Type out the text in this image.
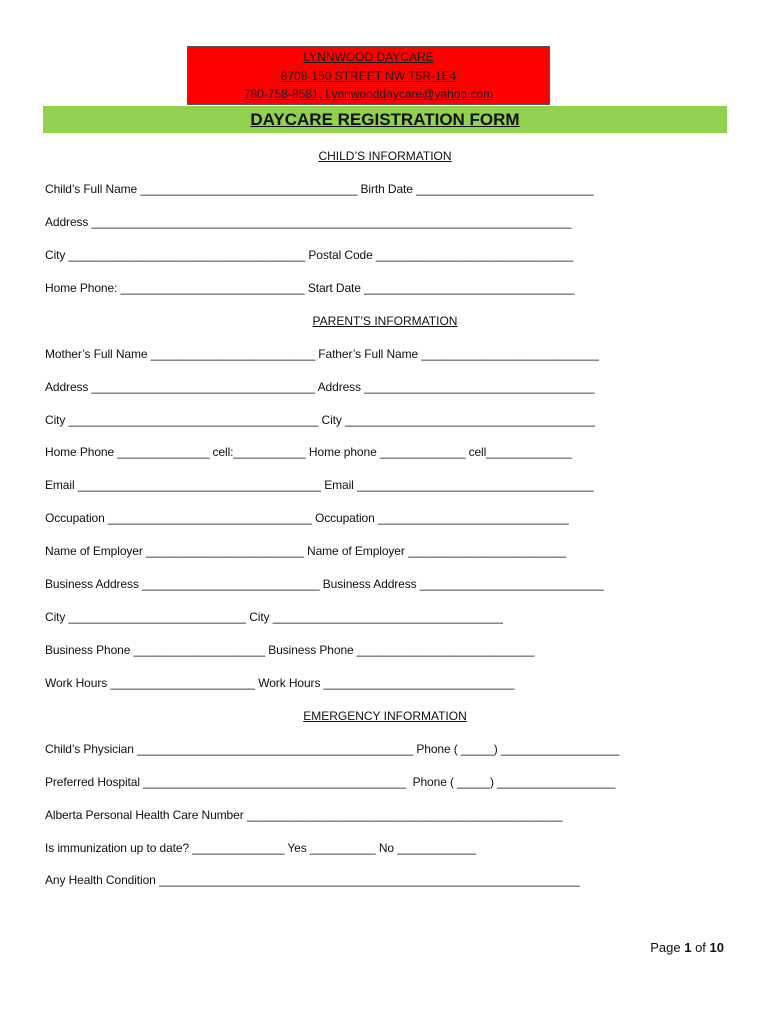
LYNNWOOD DAYCARE
8708-150 STREET NW T5R-1E4
780-758-8581, Lynnwooddaycare@yahoo.com
DAYCARE REGISTRATION FORM
CHILD’S INFORMATION
Child’s Full Name _________________________________ Birth Date ___________________________
Address _________________________________________________________________________
City ____________________________________ Postal Code ______________________________
Home Phone: ____________________________ Start Date ________________________________
PARENT’S INFORMATION
Mother’s Full Name _________________________ Father’s Full Name ___________________________
Address __________________________________ Address ___________________________________
City ______________________________________ City ______________________________________
Home Phone ______________ cell:___________ Home phone _____________ cell_____________
Email _____________________________________ Email ____________________________________
Occupation _______________________________ Occupation _____________________________
Name of Employer ________________________ Name of Employer ________________________
Business Address ___________________________ Business Address ____________________________
City ___________________________ City ___________________________________
Business Phone ____________________ Business Phone ___________________________
Work Hours ______________________ Work Hours _____________________________
EMERGENCY INFORMATION
Child’s Physician __________________________________________ Phone ( _____) __________________
Preferred Hospital ________________________________________  Phone ( _____) __________________
Alberta Personal Health Care Number ________________________________________________
Is immunization up to date? ______________ Yes __________ No ____________
Any Health Condition ________________________________________________________________
Page 1 of 10
